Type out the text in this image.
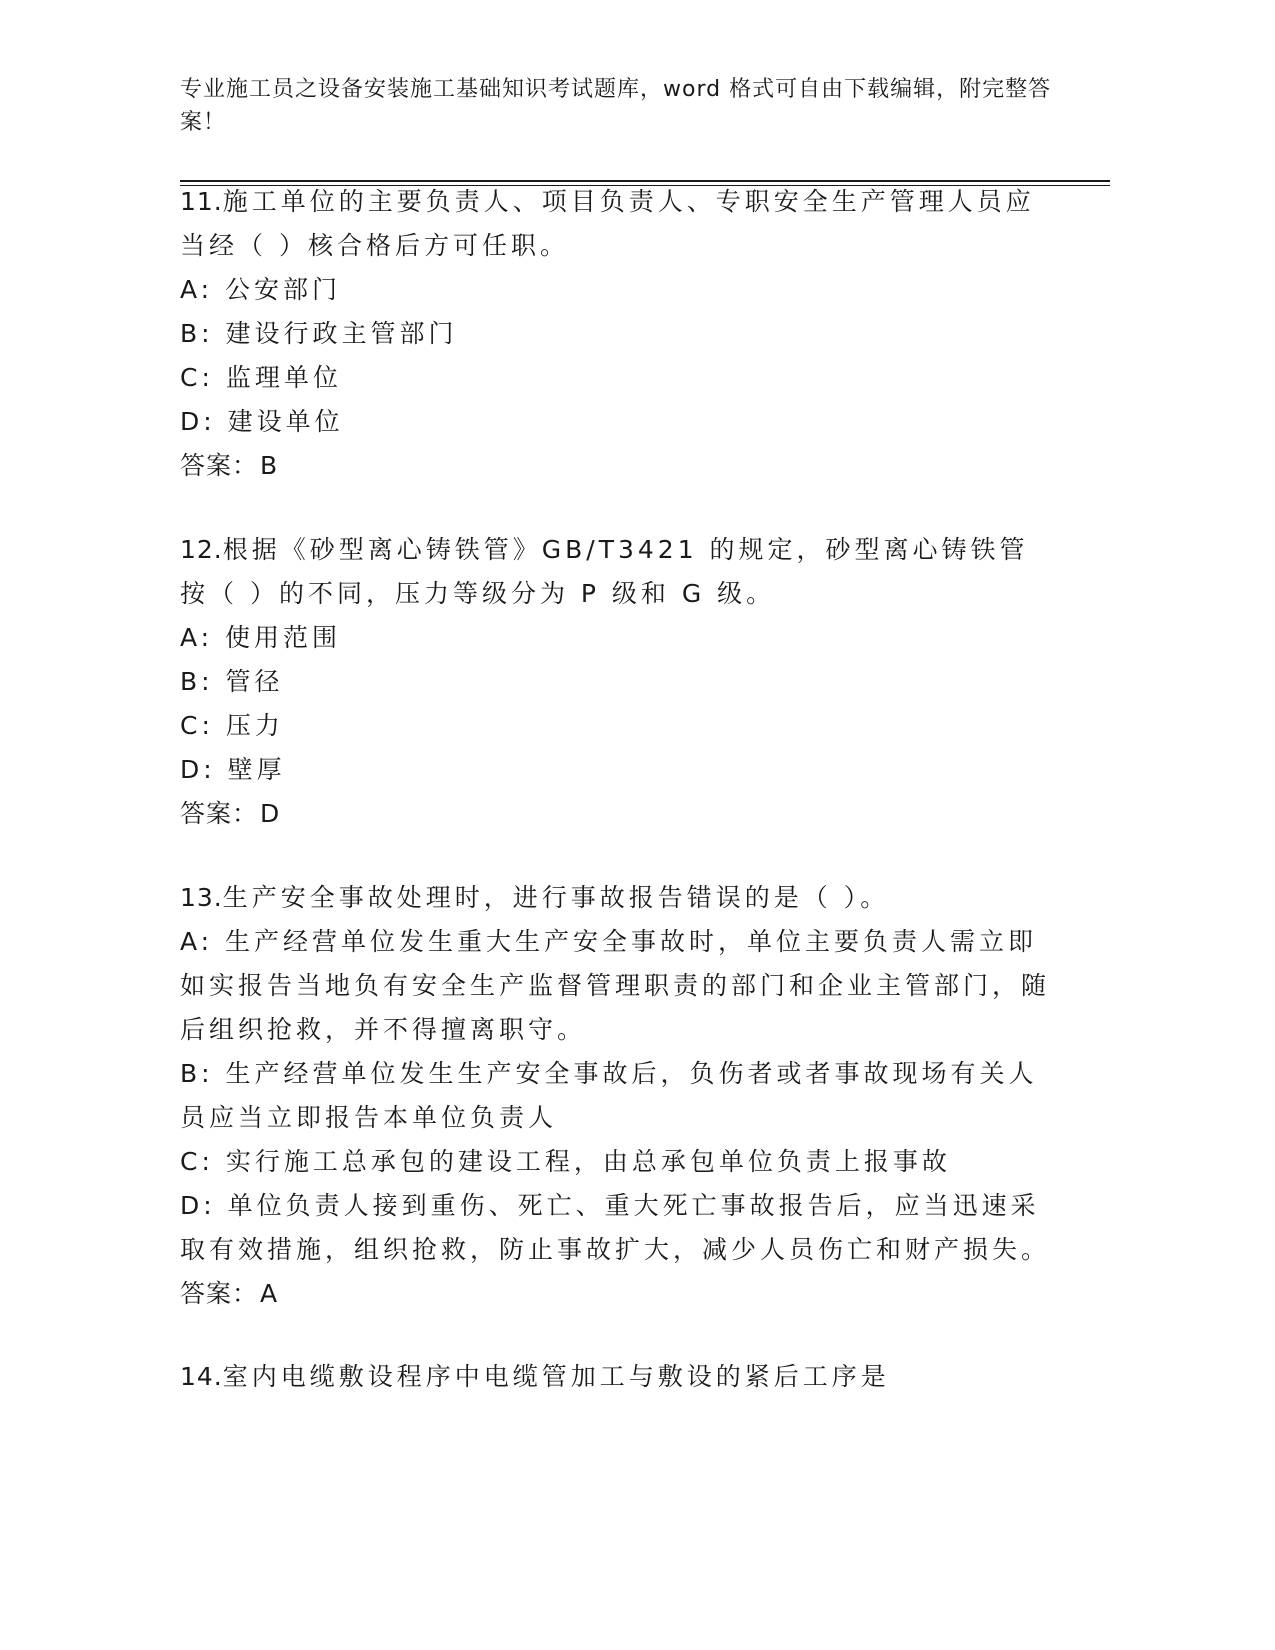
专业施工员之设备安装施工基础知识考试题库，word 格式可自由下载编辑，附完整答案！
11.施工单位的主要负责人、项目负责人、专职安全生产管理人员应当经（ ）核合格后方可任职。
A: 公安部门
B: 建设行政主管部门
C: 监理单位
D: 建设单位
答案：B
12.根据《砂型离心铸铁管》GB/T3421 的规定，砂型离心铸铁管按（ ）的不同，压力等级分为 P 级和 G 级。
A: 使用范围
B: 管径
C: 压力
D: 壁厚
答案：D
13.生产安全事故处理时，进行事故报告错误的是（ ）。
A: 生产经营单位发生重大生产安全事故时，单位主要负责人需立即如实报告当地负有安全生产监督管理职责的部门和企业主管部门，随后组织抢救，并不得擅离职守。
B: 生产经营单位发生生产安全事故后，负伤者或者事故现场有关人员应当立即报告本单位负责人
C: 实行施工总承包的建设工程，由总承包单位负责上报事故
D: 单位负责人接到重伤、死亡、重大死亡事故报告后，应当迅速采取有效措施，组织抢救，防止事故扩大，减少人员伤亡和财产损失。
答案：A
14.室内电缆敷设程序中电缆管加工与敷设的紧后工序是
